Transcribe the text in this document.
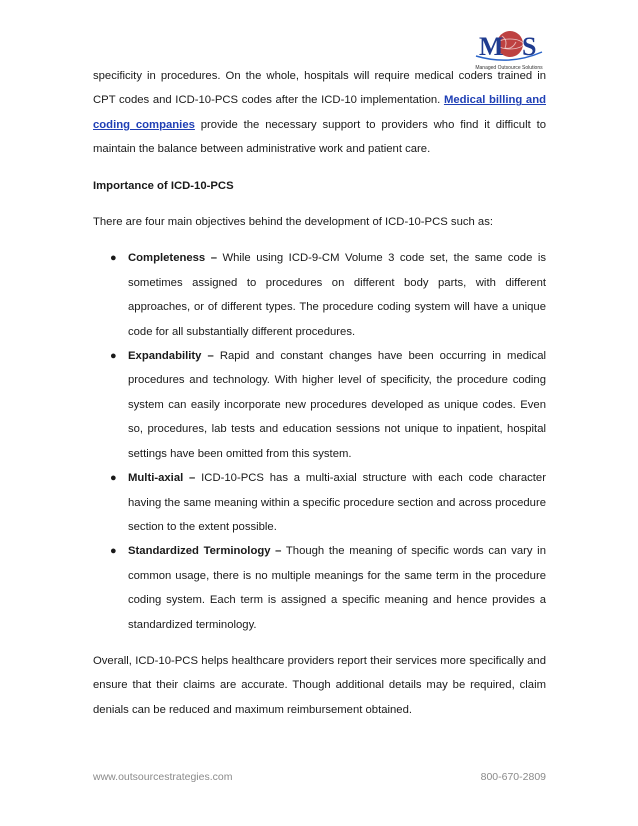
M S
Managed Outsource Solutions

specificity in procedures. On the whole, hospitals will require medical coders trained in CPT codes and ICD-10-PCS codes after the ICD-10 implementation. Medical billing and coding companies provide the necessary support to providers who find it difficult to maintain the balance between administrative work and patient care.

Importance of ICD-10-PCS

There are four main objectives behind the development of ICD-10-PCS such as:

● Completeness – While using ICD-9-CM Volume 3 code set, the same code is sometimes assigned to procedures on different body parts, with different approaches, or of different types. The procedure coding system will have a unique code for all substantially different procedures.
● Expandability – Rapid and constant changes have been occurring in medical procedures and technology. With higher level of specificity, the procedure coding system can easily incorporate new procedures developed as unique codes. Even so, procedures, lab tests and education sessions not unique to inpatient, hospital settings have been omitted from this system.
● Multi-axial – ICD-10-PCS has a multi-axial structure with each code character having the same meaning within a specific procedure section and across procedure section to the extent possible.
● Standardized Terminology – Though the meaning of specific words can vary in common usage, there is no multiple meanings for the same term in the procedure coding system. Each term is assigned a specific meaning and hence provides a standardized terminology.

Overall, ICD-10-PCS helps healthcare providers report their services more specifically and ensure that their claims are accurate. Though additional details may be required, claim denials can be reduced and maximum reimbursement obtained.

www.outsourcestrategies.com	800-670-2809
